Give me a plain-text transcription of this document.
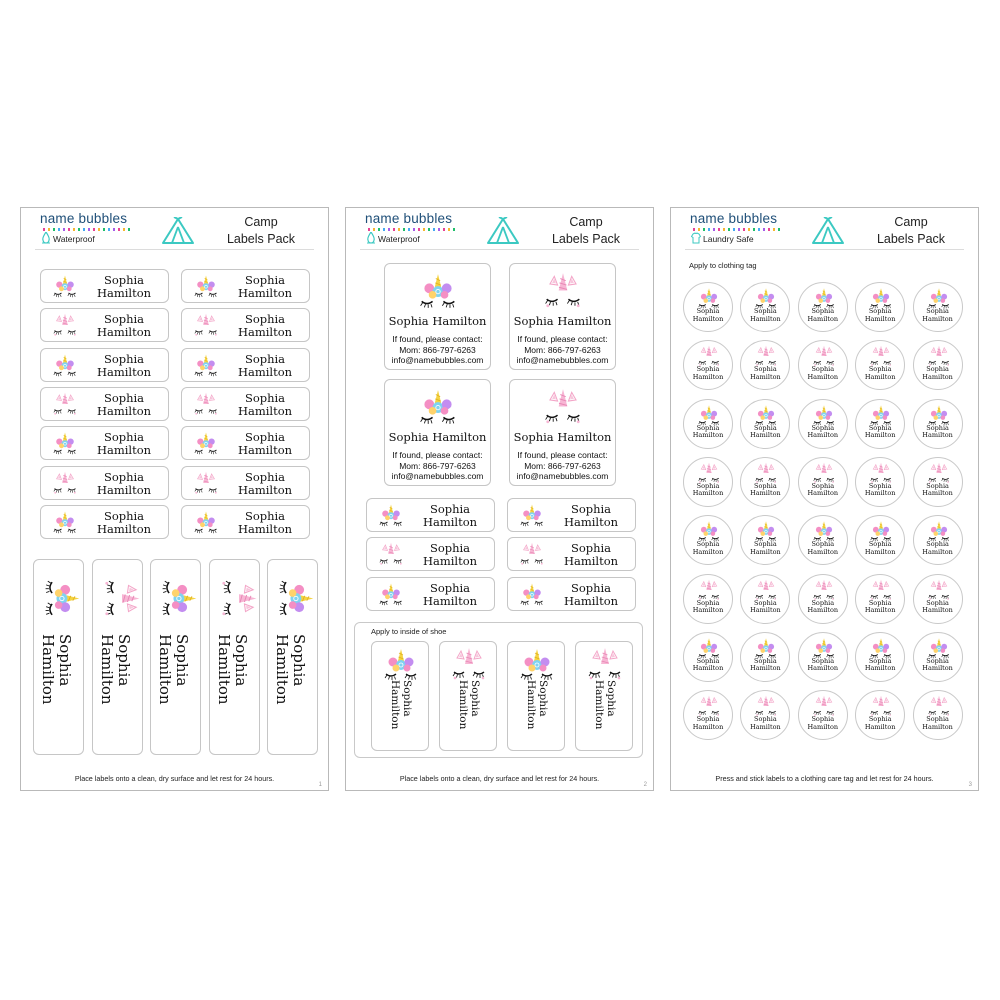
name bubbles
Waterproof
Camp
Labels Pack
Sophia
Hamilton
Sophia
Hamilton
Sophia
Hamilton
Sophia
Hamilton
Sophia
Hamilton
Sophia
Hamilton
Sophia
Hamilton
Sophia
Hamilton
Sophia
Hamilton
Sophia
Hamilton
Sophia
Hamilton
Sophia
Hamilton
Sophia
Hamilton
Sophia
Hamilton
Sophia
Hamilton	Sophia
Hamilton	Sophia
Hamilton	Sophia
Hamilton	Sophia
Hamilton
Place labels onto a clean, dry surface and let rest for 24 hours.
1
name bubbles
Waterproof
Camp
Labels Pack
Sophia Hamilton
If found, please contact:
Mom: 866-797-6263
info@namebubbles.com
Sophia Hamilton
If found, please contact:
Mom: 866-797-6263
info@namebubbles.com
Sophia Hamilton
If found, please contact:
Mom: 866-797-6263
info@namebubbles.com
Sophia Hamilton
If found, please contact:
Mom: 866-797-6263
info@namebubbles.com
Sophia
Hamilton
Sophia
Hamilton
Sophia
Hamilton
Sophia
Hamilton
Sophia
Hamilton
Sophia
Hamilton
Apply to inside of shoe
Sophia
Hamilton	Sophia
Hamilton	Sophia
Hamilton	Sophia
Hamilton
Place labels onto a clean, dry surface and let rest for 24 hours.
2
name bubbles
Laundry Safe
Camp
Labels Pack
Apply to clothing tag
Sophia
Hamilton
Sophia
Hamilton
Sophia
Hamilton
Sophia
Hamilton
Sophia
Hamilton
Sophia
Hamilton
Sophia
Hamilton
Sophia
Hamilton
Sophia
Hamilton
Sophia
Hamilton
Sophia
Hamilton
Sophia
Hamilton
Sophia
Hamilton
Sophia
Hamilton
Sophia
Hamilton
Sophia
Hamilton
Sophia
Hamilton
Sophia
Hamilton
Sophia
Hamilton
Sophia
Hamilton
Sophia
Hamilton
Sophia
Hamilton
Sophia
Hamilton
Sophia
Hamilton
Sophia
Hamilton
Sophia
Hamilton
Sophia
Hamilton
Sophia
Hamilton
Sophia
Hamilton
Sophia
Hamilton
Sophia
Hamilton
Sophia
Hamilton
Sophia
Hamilton
Sophia
Hamilton
Sophia
Hamilton
Sophia
Hamilton
Sophia
Hamilton
Sophia
Hamilton
Sophia
Hamilton
Sophia
Hamilton
Press and stick labels to a clothing care tag and let rest for 24 hours.
3
